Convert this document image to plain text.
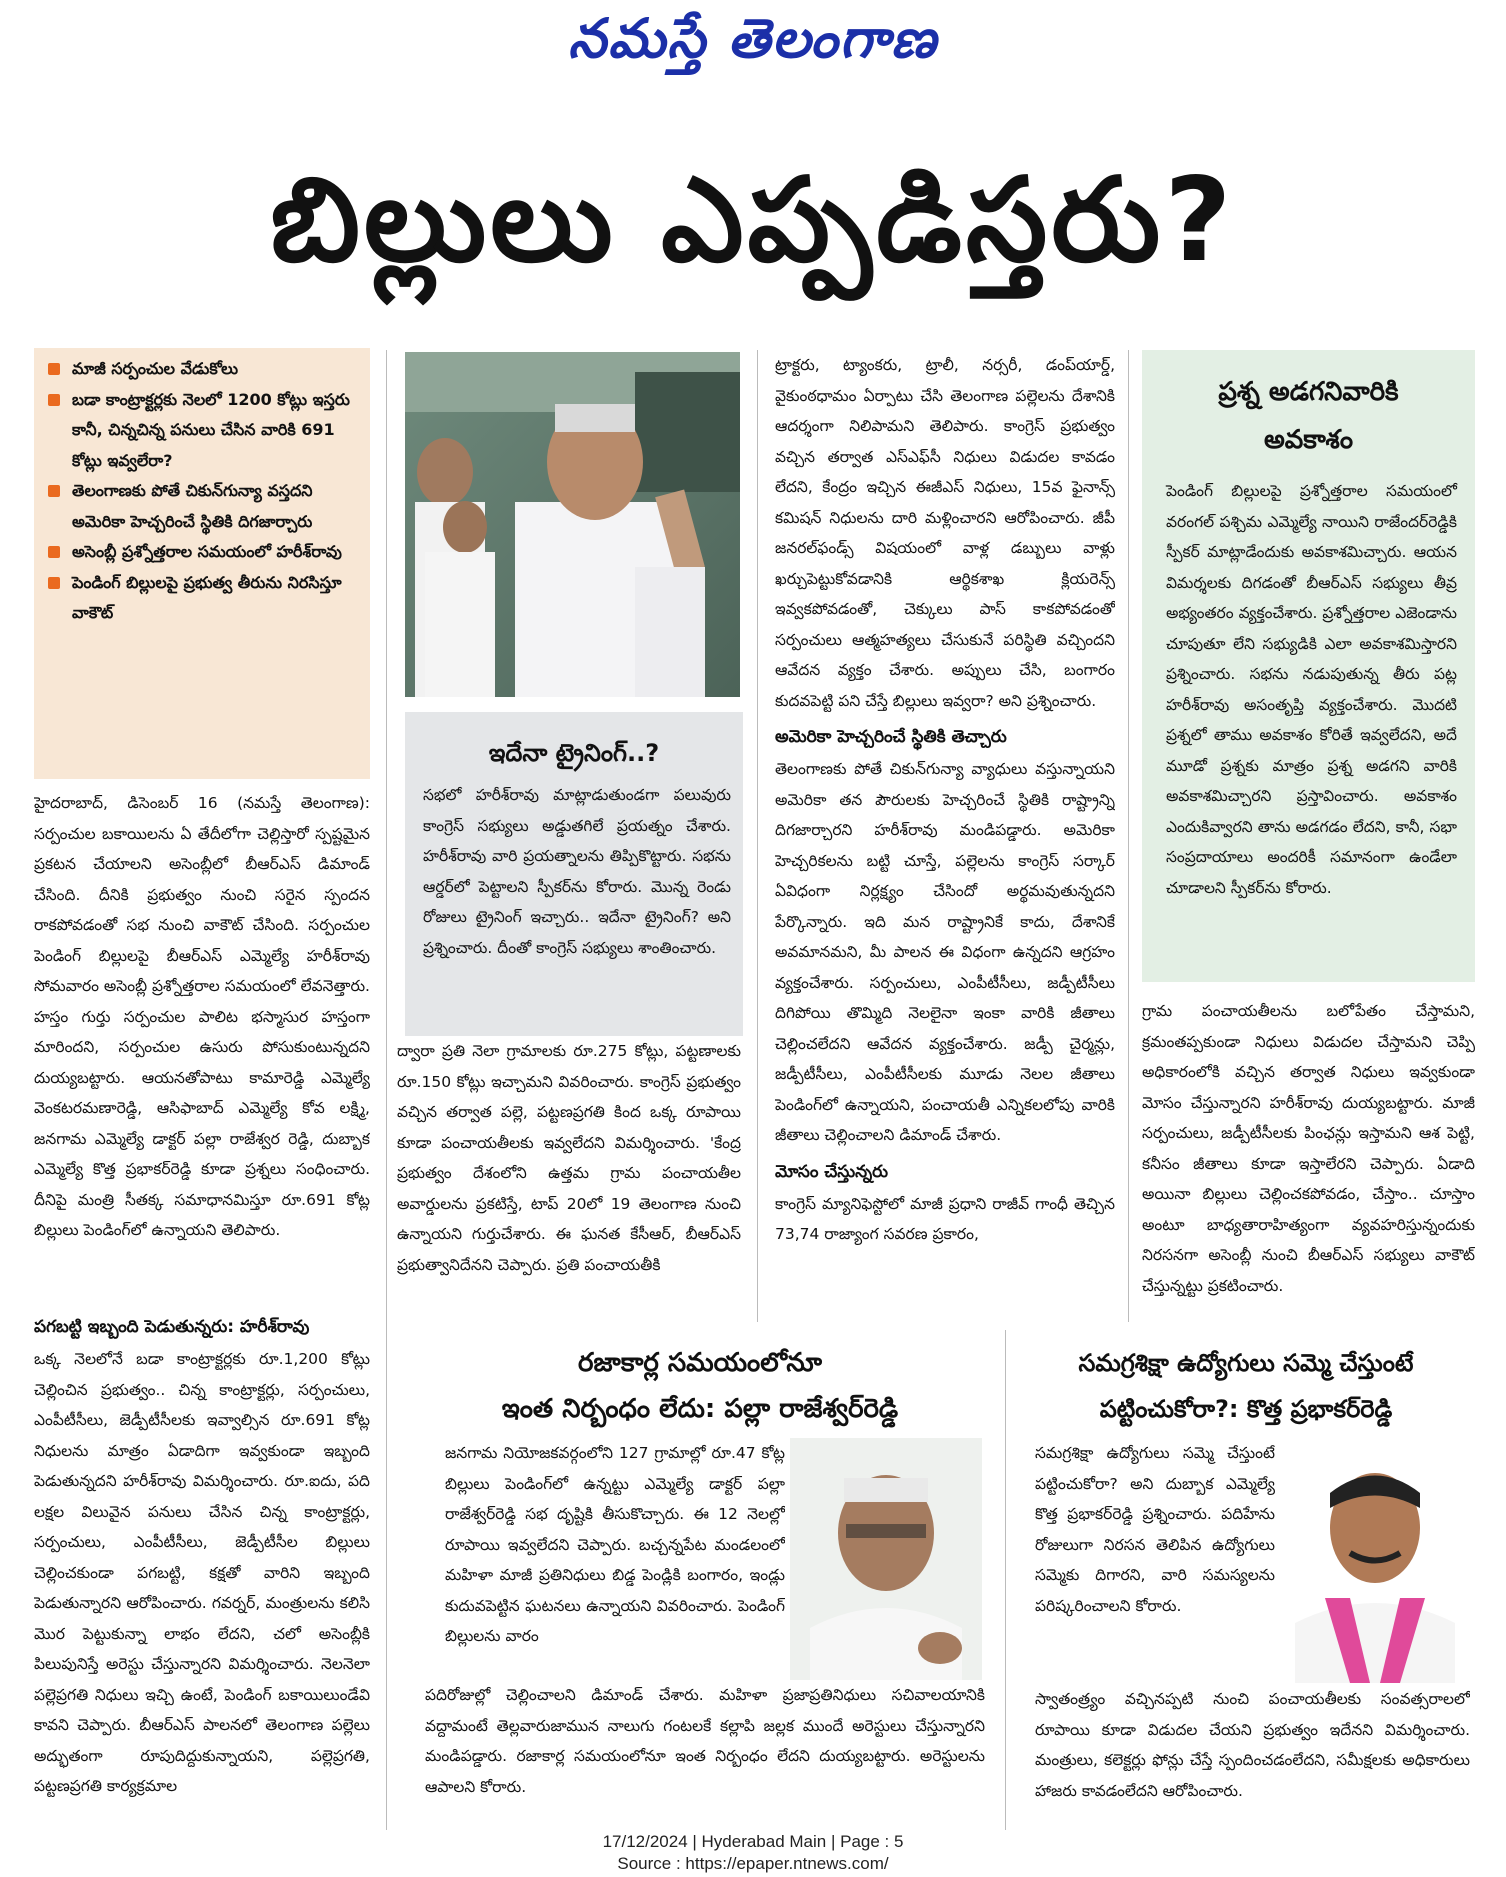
నమస్తే తెలంగాణ
బిల్లులు ఎప్పడిస్తరు?
మాజీ సర్పంచుల వేడుకోలు
బడా కాంట్రాక్టర్లకు నెలలో 1200 కోట్లు ఇస్తరు కానీ, చిన్నచిన్న పనులు చేసిన వారికి 691 కోట్లు ఇవ్వలేరా?
తెలంగాణకు పోతే చికున్‌గున్యా వస్తదని అమెరికా హెచ్చరించే స్థితికి దిగజార్చారు
అసెంబ్లీ ప్రశ్నోత్తరాల సమయంలో హరీశ్‌రావు
పెండింగ్ బిల్లులపై ప్రభుత్వ తీరును నిరసిస్తూ వాకౌట్

హైదరాబాద్, డిసెంబర్ 16 (నమస్తే తెలంగాణ): సర్పంచుల బకాయిలను ఏ తేదీలోగా చెల్లిస్తారో స్పష్టమైన ప్రకటన చేయాలని అసెంబ్లీలో బీఆర్‌ఎస్ డిమాండ్ చేసింది. దీనికి ప్రభుత్వం నుంచి సరైన స్పందన రాకపోవడంతో సభ నుంచి వాకౌట్ చేసింది. సర్పంచుల పెండింగ్ బిల్లులపై బీఆర్‌ఎస్ ఎమ్మెల్యే హరీశ్‌రావు సోమవారం అసెంబ్లీ ప్రశ్నోత్తరాల సమయంలో లేవనెత్తారు. హస్తం గుర్తు సర్పంచుల పాలిట భస్మాసుర హస్తంగా మారిందని, సర్పంచుల ఉసురు పోసుకుంటున్నదని దుయ్యబట్టారు. ఆయనతోపాటు కామారెడ్డి ఎమ్మెల్యే వెంకటరమణారెడ్డి, ఆసిఫాబాద్ ఎమ్మెల్యే కోవ లక్ష్మి, జనగామ ఎమ్మెల్యే డాక్టర్ పల్లా రాజేశ్వర రెడ్డి, దుబ్బాక ఎమ్మెల్యే కొత్త ప్రభాకర్‌రెడ్డి కూడా ప్రశ్నలు సంధించారు. దీనిపై మంత్రి సీతక్క సమాధానమిస్తూ రూ.691 కోట్ల బిల్లులు పెండింగ్‌లో ఉన్నాయని తెలిపారు.

పగబట్టి ఇబ్బంది పెడుతున్నరు: హరీశ్‌రావు

ఒక్క నెలలోనే బడా కాంట్రాక్టర్లకు రూ.1,200 కోట్లు చెల్లించిన ప్రభుత్వం.. చిన్న కాంట్రాక్టర్లు, సర్పంచులు, ఎంపీటీసీలు, జెడ్పీటీసీలకు ఇవ్వాల్సిన రూ.691 కోట్ల నిధులను మాత్రం ఏడాదిగా ఇవ్వకుండా ఇబ్బంది పెడుతున్నదని హరీశ్‌రావు విమర్శించారు. రూ.ఐదు, పది లక్షల విలువైన పనులు చేసిన చిన్న కాంట్రాక్టర్లు, సర్పంచులు, ఎంపీటీసీలు, జెడ్పీటీసీల బిల్లులు చెల్లించకుండా పగబట్టి, కక్షతో వారిని ఇబ్బంది పెడుతున్నారని ఆరోపించారు. గవర్నర్, మంత్రులను కలిసి మొర పెట్టుకున్నా లాభం లేదని, చలో అసెంబ్లీకి పిలుపునిస్తే అరెస్టు చేస్తున్నారని విమర్శించారు. నెలనెలా పల్లెప్రగతి నిధులు ఇచ్చి ఉంటే, పెండింగ్ బకాయిలుండేవి కావని చెప్పారు. బీఆర్‌ఎస్ పాలనలో తెలంగాణ పల్లెలు అద్భుతంగా రూపుదిద్దుకున్నాయని, పల్లెప్రగతి, పట్టణప్రగతి కార్యక్రమాల

ఇదేనా ట్రైనింగ్..?
సభలో హరీశ్‌రావు మాట్లాడుతుండగా పలువురు కాంగ్రెస్ సభ్యులు అడ్డుతగిలే ప్రయత్నం చేశారు. హరీశ్‌రావు వారి ప్రయత్నాలను తిప్పికొట్టారు. సభను ఆర్డర్‌లో పెట్టాలని స్పీకర్‌ను కోరారు. మొన్న రెండు రోజులు ట్రైనింగ్ ఇచ్చారు.. ఇదేనా ట్రైనింగ్? అని ప్రశ్నించారు. దీంతో కాంగ్రెస్ సభ్యులు శాంతించారు.

ద్వారా ప్రతి నెలా గ్రామాలకు రూ.275 కోట్లు, పట్టణాలకు రూ.150 కోట్లు ఇచ్చామని వివరించారు. కాంగ్రెస్ ప్రభుత్వం వచ్చిన తర్వాత పల్లె, పట్టణప్రగతి కింద ఒక్క రూపాయి కూడా పంచాయతీలకు ఇవ్వలేదని విమర్శించారు. 'కేంద్ర ప్రభుత్వం దేశంలోని ఉత్తమ గ్రామ పంచాయతీల అవార్డులను ప్రకటిస్తే, టాప్ 20లో 19 తెలంగాణ నుంచి ఉన్నాయని గుర్తుచేశారు. ఈ ఘనత కేసీఆర్, బీఆర్‌ఎస్ ప్రభుత్వానిదేనని చెప్పారు. ప్రతి పంచాయతీకి

ట్రాక్టరు, ట్యాంకరు, ట్రాలీ, నర్సరీ, డంప్‌యార్డ్, వైకుంఠధామం ఏర్పాటు చేసి తెలంగాణ పల్లెలను దేశానికి ఆదర్శంగా నిలిపామని తెలిపారు. కాంగ్రెస్ ప్రభుత్వం వచ్చిన తర్వాత ఎస్‌ఎఫ్‌సీ నిధులు విడుదల కావడం లేదని, కేంద్రం ఇచ్చిన ఈజీఎస్ నిధులు, 15వ ఫైనాన్స్ కమిషన్ నిధులను దారి మళ్లించారని ఆరోపించారు. జీపీ జనరల్‌ఫండ్స్ విషయంలో వాళ్ల డబ్బులు వాళ్లు ఖర్చుపెట్టుకోవడానికి ఆర్థికశాఖ క్లియరెన్స్ ఇవ్వకపోవడంతో, చెక్కులు పాస్ కాకపోవడంతో సర్పంచులు ఆత్మహత్యలు చేసుకునే పరిస్థితి వచ్చిందని ఆవేదన వ్యక్తం చేశారు. అప్పులు చేసి, బంగారం కుదవపెట్టి పని చేస్తే బిల్లులు ఇవ్వరా? అని ప్రశ్నించారు.

అమెరికా హెచ్చరించే స్థితికి తెచ్చారు

తెలంగాణకు పోతే చికున్‌గున్యా వ్యాధులు వస్తున్నాయని అమెరికా తన పౌరులకు హెచ్చరించే స్థితికి రాష్ట్రాన్ని దిగజార్చారని హరీశ్‌రావు మండిపడ్డారు. అమెరికా హెచ్చరికలను బట్టి చూస్తే, పల్లెలను కాంగ్రెస్ సర్కార్ ఏవిధంగా నిర్లక్ష్యం చేసిందో అర్థమవుతున్నదని పేర్కొన్నారు. ఇది మన రాష్ట్రానికే కాదు, దేశానికే అవమానమని, మీ పాలన ఈ విధంగా ఉన్నదని ఆగ్రహం వ్యక్తంచేశారు. సర్పంచులు, ఎంపీటీసీలు, జడ్పీటీసీలు దిగిపోయి తొమ్మిది నెలలైనా ఇంకా వారికి జీతాలు చెల్లించలేదని ఆవేదన వ్యక్తంచేశారు. జడ్పీ చైర్మన్లు, జడ్పీటీసీలు, ఎంపీటీసీలకు మూడు నెలల జీతాలు పెండింగ్‌లో ఉన్నాయని, పంచాయతీ ఎన్నికలలోపు వారికి జీతాలు చెల్లించాలని డిమాండ్ చేశారు.

మోసం చేస్తున్నరు

కాంగ్రెస్ మ్యానిఫెస్టోలో మాజీ ప్రధాని రాజీవ్ గాంధీ తెచ్చిన 73,74 రాజ్యాంగ సవరణ ప్రకారం,

ప్రశ్న అడగనివారికి అవకాశం
పెండింగ్ బిల్లులపై ప్రశ్నోత్తరాల సమయంలో వరంగల్ పశ్చిమ ఎమ్మెల్యే నాయిని రాజేందర్‌రెడ్డికి స్పీకర్ మాట్లాడేందుకు అవకాశమిచ్చారు. ఆయన విమర్శలకు దిగడంతో బీఆర్‌ఎస్ సభ్యులు తీవ్ర అభ్యంతరం వ్యక్తంచేశారు. ప్రశ్నోత్తరాల ఎజెండాను చూపుతూ లేని సభ్యుడికి ఎలా అవకాశమిస్తారని ప్రశ్నించారు. సభను నడుపుతున్న తీరు పట్ల హరీశ్‌రావు అసంతృప్తి వ్యక్తంచేశారు. మొదటి ప్రశ్నలో తాము అవకాశం కోరితే ఇవ్వలేదని, అదే మూడో ప్రశ్నకు మాత్రం ప్రశ్న అడగని వారికి అవకాశమిచ్చారని ప్రస్తావించారు. అవకాశం ఎందుకివ్వారని తాను అడగడం లేదని, కానీ, సభా సంప్రదాయాలు అందరికీ సమానంగా ఉండేలా చూడాలని స్పీకర్‌ను కోరారు.

గ్రామ పంచాయతీలను బలోపేతం చేస్తామని, క్రమంతప్పకుండా నిధులు విడుదల చేస్తామని చెప్పి అధికారంలోకి వచ్చిన తర్వాత నిధులు ఇవ్వకుండా మోసం చేస్తున్నారని హరీశ్‌రావు దుయ్యబట్టారు. మాజీ సర్పంచులు, జడ్పీటీసీలకు పింఛన్లు ఇస్తామని ఆశ పెట్టి, కనీసం జీతాలు కూడా ఇస్తాలేరని చెప్పారు. ఏడాది అయినా బిల్లులు చెల్లించకపోవడం, చేస్తాం.. చూస్తాం అంటూ బాధ్యతారాహిత్యంగా వ్యవహరిస్తున్నందుకు నిరసనగా అసెంబ్లీ నుంచి బీఆర్‌ఎస్ సభ్యులు వాకౌట్ చేస్తున్నట్టు ప్రకటించారు.

రజాకార్ల సమయంలోనూ
ఇంత నిర్బంధం లేదు: పల్లా రాజేశ్వర్‌రెడ్డి
జనగామ నియోజకవర్గంలోని 127 గ్రామాల్లో రూ.47 కోట్ల బిల్లులు పెండింగ్‌లో ఉన్నట్టు ఎమ్మెల్యే డాక్టర్ పల్లా రాజేశ్వర్‌రెడ్డి సభ దృష్టికి తీసుకొచ్చారు. ఈ 12 నెలల్లో రూపాయి ఇవ్వలేదని చెప్పారు. బచ్చన్నపేట మండలంలో మహిళా మాజీ ప్రతినిధులు బిడ్డ పెండ్లికి బంగారం, ఇండ్లు కుదువపెట్టిన ఘటనలు ఉన్నాయని వివరించారు. పెండింగ్ బిల్లులను వారం
పదిరోజుల్లో చెల్లించాలని డిమాండ్ చేశారు. మహిళా ప్రజాప్రతినిధులు సచివాలయానికి వద్దామంటే తెల్లవారుజామున నాలుగు గంటలకే కల్లాపి జల్లక ముందే అరెస్టులు చేస్తున్నారని మండిపడ్డారు. రజాకార్ల సమయంలోనూ ఇంత నిర్బంధం లేదని దుయ్యబట్టారు. అరెస్టులను ఆపాలని కోరారు.
సమగ్రశిక్షా ఉద్యోగులు సమ్మె చేస్తుంటే
పట్టించుకోరా?: కొత్త ప్రభాకర్‌రెడ్డి
సమగ్రశిక్షా ఉద్యోగులు సమ్మె చేస్తుంటే పట్టించుకోరా? అని దుబ్బాక ఎమ్మెల్యే కొత్త ప్రభాకర్‌రెడ్డి ప్రశ్నించారు. పదిహేను రోజులుగా నిరసన తెలిపిన ఉద్యోగులు సమ్మెకు దిగారని, వారి సమస్యలను పరిష్కరించాలని కోరారు.
స్వాతంత్ర్యం వచ్చినప్పటి నుంచి పంచాయతీలకు సంవత్సరాలలో రూపాయి కూడా విడుదల చేయని ప్రభుత్వం ఇదేనని విమర్శించారు. మంత్రులు, కలెక్టర్లు ఫోన్లు చేస్తే స్పందించడంలేదని, సమీక్షలకు అధికారులు హాజరు కావడంలేదని ఆరోపించారు.
17/12/2024 | Hyderabad Main | Page : 5
Source : https://epaper.ntnews.com/
